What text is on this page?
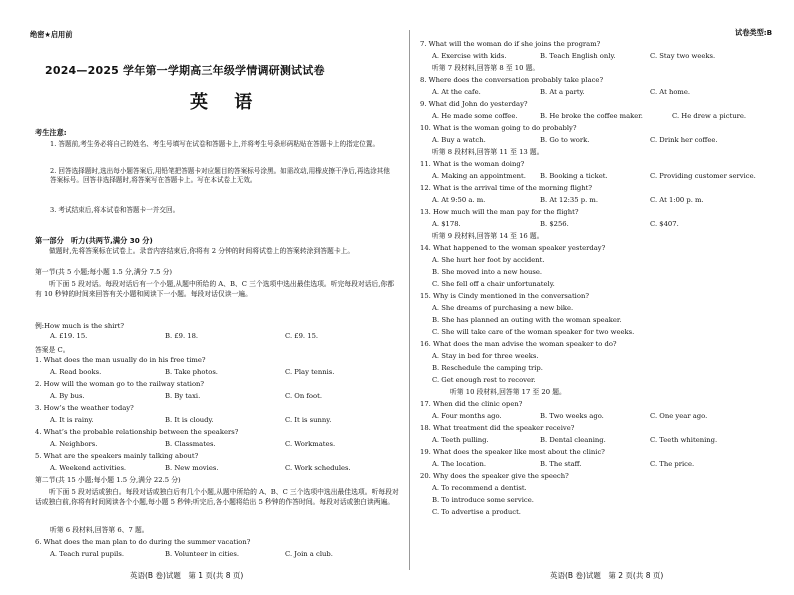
绝密★启用前
2024—2025 学年第一学期高三年级学情调研测试试卷
英 语
考生注意:
1. 答题前,考生务必将自己的姓名、考生号填写在试卷和答题卡上,并将考生号条形码粘贴在答题卡上的指定位置。
2. 回答选择题时,选出每小题答案后,用铅笔把答题卡对应题目的答案标号涂黑。如需改动,用橡皮擦干净后,再选涂其他答案标号。回答非选择题时,将答案写在答题卡上。写在本试卷上无效。
3. 考试结束后,将本试卷和答题卡一并交回。
第一部分　听力(共两节,满分 30 分)
做题时,先将答案标在试卷上。录音内容结束后,你将有 2 分钟的时间将试卷上的答案转涂到答题卡上。
第一节(共 5 小题;每小题 1.5 分,满分 7.5 分)
听下面 5 段对话。每段对话后有一个小题,从题中所给的 A、B、C 三个选项中选出最佳选项。听完每段对话后,你都有 10 秒钟的时间来回答有关小题和阅读下一小题。每段对话仅读一遍。
例:How much is the shirt?
A. £19. 15.	B. £9. 18.	C. £9. 15.
答案是 C。
1. What does the man usually do in his free time?
A. Read books.	B. Take photos.	C. Play tennis.
2. How will the woman go to the railway station?
A. By bus.	B. By taxi.	C. On foot.
3. How’s the weather today?
A. It is rainy.	B. It is cloudy.	C. It is sunny.
4. What’s the probable relationship between the speakers?
A. Neighbors.	B. Classmates.	C. Workmates.
5. What are the speakers mainly talking about?
A. Weekend activities.	B. New movies.	C. Work schedules.
第二节(共 15 小题;每小题 1.5 分,满分 22.5 分)
听下面 5 段对话或独白。每段对话或独白后有几个小题,从题中所给的 A、B、C 三个选项中选出最佳选项。听每段对话或独白前,你将有时间阅读各个小题,每小题 5 秒钟;听完后,各小题将给出 5 秒钟的作答时间。每段对话或独白读两遍。
听第 6 段材料,回答第 6、7 题。
6. What does the man plan to do during the summer vacation?
A. Teach rural pupils.	B. Volunteer in cities.	C. Join a club.
英语(B 卷)试题　第 1 页(共 8 页)
试卷类型:B
7. What will the woman do if she joins the program?
A. Exercise with kids.	B. Teach English only.	C. Stay two weeks.
听第 7 段材料,回答第 8 至 10 题。
8. Where does the conversation probably take place?
A. At the cafe.	B. At a party.	C. At home.
9. What did John do yesterday?
A. He made some coffee.	B. He broke the coffee maker.	C. He drew a picture.
10. What is the woman going to do probably?
A. Buy a watch.	B. Go to work.	C. Drink her coffee.
听第 8 段材料,回答第 11 至 13 题。
11. What is the woman doing?
A. Making an appointment. B. Booking a ticket.	C. Providing customer service.
12. What is the arrival time of the morning flight?
A. At 9:50 a. m.	B. At 12:35 p. m.	C. At 1:00 p. m.
13. How much will the man pay for the flight?
A. $178.	B. $256.	C. $407.
听第 9 段材料,回答第 14 至 16 题。
14. What happened to the woman speaker yesterday?
A. She hurt her foot by accident.
B. She moved into a new house.
C. She fell off a chair unfortunately.
15. Why is Cindy mentioned in the conversation?
A. She dreams of purchasing a new bike.
B. She has planned an outing with the woman speaker.
C. She will take care of the woman speaker for two weeks.
16. What does the man advise the woman speaker to do?
A. Stay in bed for three weeks.
B. Reschedule the camping trip.
C. Get enough rest to recover.
听第 10 段材料,回答第 17 至 20 题。
17. When did the clinic open?
A. Four months ago.	B. Two weeks ago.	C. One year ago.
18. What treatment did the speaker receive?
A. Teeth pulling.	B. Dental cleaning.	C. Teeth whitening.
19. What does the speaker like most about the clinic?
A. The location.	B. The staff.	C. The price.
20. Why does the speaker give the speech?
A. To recommend a dentist.
B. To introduce some service.
C. To advertise a product.
英语(B 卷)试题　第 2 页(共 8 页)
